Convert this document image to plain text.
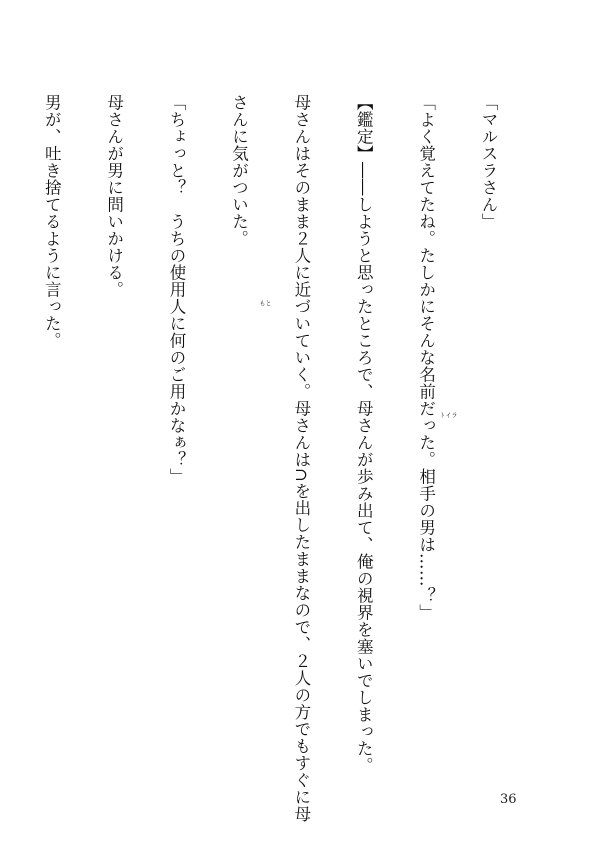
「マルスラさん」

「よく覚えてたね。たしかにそんな名前だった。相手の男は……？」

【鑑定】――しようと思ったところで、母さんが歩み出て、俺の視界を塞いでしまった。

母さんはそのまま２人に近づいていく。母さんは∩を出したままなので、２人の方でもすぐに母

さんに気がついた。

「ちょっと？　うちの使用人に何のご用かなぁ？」

母さんが男に問いかける。

男が、吐き捨てるように言った。

ライト
とも
36
